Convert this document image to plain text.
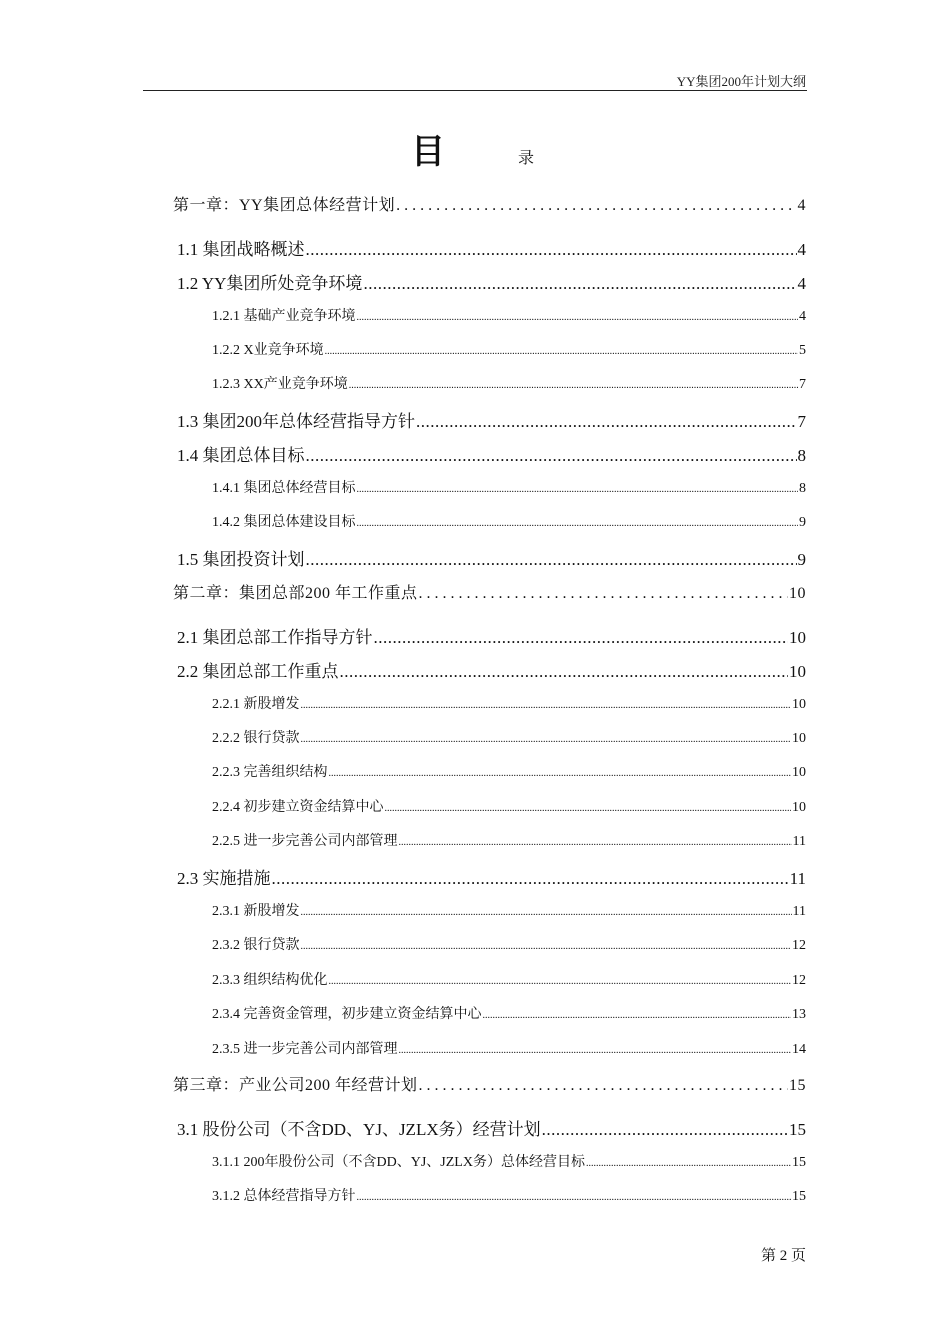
YY集团200年计划大纲
目	录
第一章：YY集团总体经营计划 .....	4
1.1 集团战略概述 .....	4
1.2 YY集团所处竞争环境 .....	4
1.2.1 基础产业竞争环境 .....	4
1.2.2 X业竞争环境 .....	5
1.2.3 XX产业竞争环境 .....	7
1.3 集团200年总体经营指导方针 .....	7
1.4 集团总体目标 .....	8
1.4.1 集团总体经营目标 .....	8
1.4.2 集团总体建设目标 .....	9
1.5 集团投资计划 .....	9
第二章：集团总部200 年工作重点 .....	10
2.1 集团总部工作指导方针 .....	10
2.2 集团总部工作重点 .....	10
2.2.1 新股增发 .....	10
2.2.2 银行贷款 .....	10
2.2.3 完善组织结构 .....	10
2.2.4 初步建立资金结算中心 .....	10
2.2.5 进一步完善公司内部管理 .....	11
2.3 实施措施 .....	11
2.3.1 新股增发 .....	11
2.3.2 银行贷款 .....	12
2.3.3 组织结构优化 .....	12
2.3.4 完善资金管理，初步建立资金结算中心 .....	13
2.3.5 进一步完善公司内部管理 .....	14
第三章：产业公司200 年经营计划 .....	15
3.1 股份公司（不含DD、YJ、JZLX务）经营计划 .....	15
3.1.1 200年股份公司（不含DD、YJ、JZLX务）总体经营目标 .....	15
3.1.2 总体经营指导方针 .....	15
第 2 页
